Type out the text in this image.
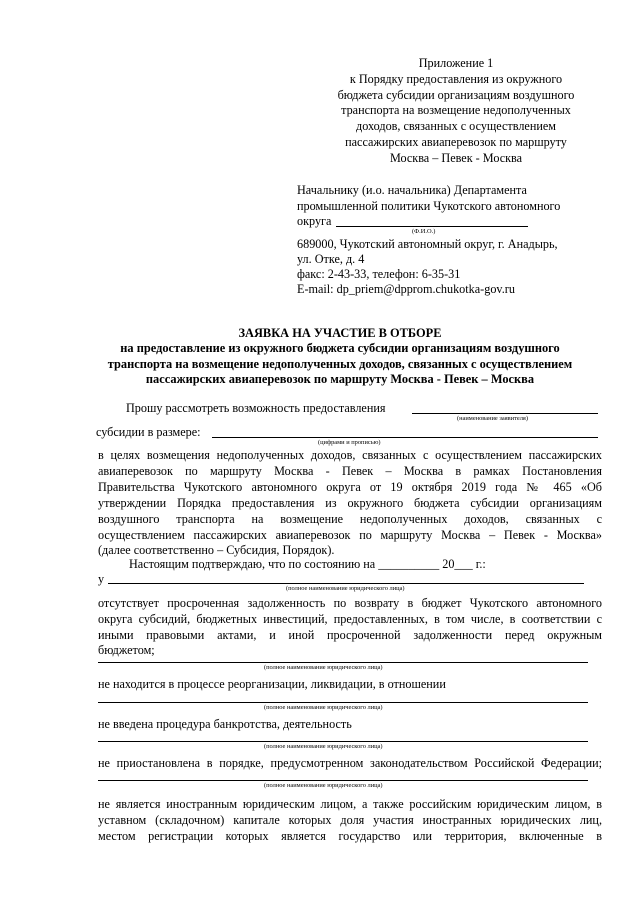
Приложение 1
к Порядку предоставления из окружного
бюджета субсидии организациям воздушного
транспорта на возмещение недополученных
доходов, связанных с осуществлением
пассажирских авиаперевозок по маршруту
Москва – Певек - Москва
Начальнику (и.о. начальника) Департамента
промышленной политики Чукотского автономного
округа
(Ф.И.О.)
689000, Чукотский автономный округ, г. Анадырь,
ул. Отке, д. 4
факс: 2-43-33, телефон: 6-35-31
E-mail: dp_priem@dpprom.chukotka-gov.ru
ЗАЯВКА НА УЧАСТИЕ В ОТБОРЕ
на предоставление из окружного бюджета субсидии организациям воздушного
транспорта на возмещение недополученных доходов, связанных с осуществлением
пассажирских авиаперевозок по маршруту Москва - Певек – Москва
Прошу рассмотреть возможность предоставления
(наименование заявителя)
субсидии в размере:
(цифрами и прописью)
в целях возмещения недополученных доходов, связанных с осуществлением пассажирских
авиаперевозок по маршруту Москва - Певек – Москва в рамках Постановления
Правительства Чукотского автономного округа от 19 октября 2019 года № 465 «Об
утверждении Порядка предоставления из окружного бюджета субсидии организациям
воздушного транспорта на возмещение недополученных доходов, связанных с
осуществлением пассажирских авиаперевозок по маршруту Москва – Певек - Москва»
(далее соответственно – Субсидия, Порядок).
Настоящим подтверждаю, что по состоянию на __________ 20___ г.:
у
(полное наименование юридического лица)
отсутствует просроченная задолженность по возврату в бюджет Чукотского автономного
округа субсидий, бюджетных инвестиций, предоставленных, в том числе, в соответствии с
иными правовыми актами, и иной просроченной задолженности перед окружным
бюджетом;
(полное наименование юридического лица)
не находится в процессе реорганизации, ликвидации, в отношении
(полное наименование юридического лица)
не введена процедура банкротства, деятельность
(полное наименование юридического лица)
не приостановлена в порядке, предусмотренном законодательством Российской Федерации;
(полное наименование юридического лица)
не является иностранным юридическим лицом, а также российским юридическим лицом, в
уставном (складочном) капитале которых доля участия иностранных юридических лиц,
местом регистрации которых является государство или территория, включенные в
